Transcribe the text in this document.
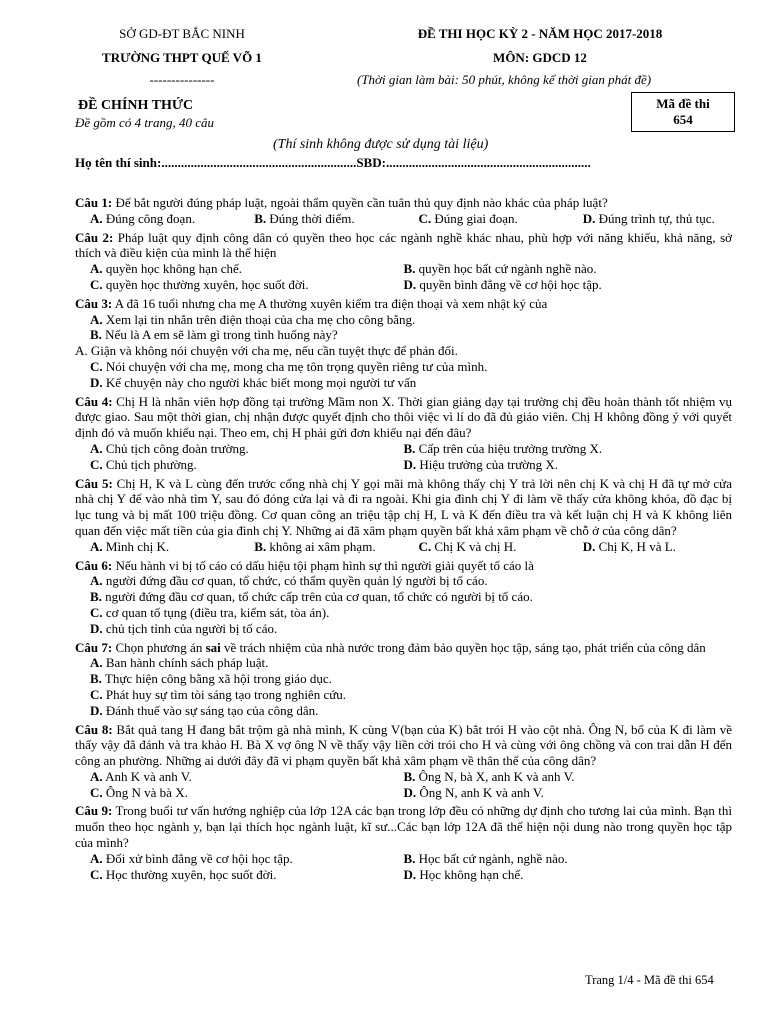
SỞ GD-ĐT BẮC NINH
TRƯỜNG THPT QUẾ VÕ 1
---------------
ĐỀ THI HỌC KỲ 2 - NĂM HỌC 2017-2018
MÔN: GDCD 12
(Thời gian làm bài: 50 phút, không kể thời gian phát đề)
ĐỀ CHÍNH THỨC
Đề gồm có 4 trang, 40 câu
Mã đề thi
654
(Thí sinh không được sử dụng tài liệu)
Họ tên thí sinh:............................................................SBD:...............................................................
Câu 1: Để bắt người đúng pháp luật, ngoài thẩm quyền cần tuân thủ quy định nào khác của pháp luật?
A. Đúng công đoạn.	B. Đúng thời điểm.	C. Đúng giai đoạn.	D. Đúng trình tự, thủ tục.
Câu 2: Pháp luật quy định công dân có quyền theo học các ngành nghề khác nhau, phù hợp với năng khiếu, khả năng, sở thích và điều kiện của mình là thể hiện
A. quyền học không hạn chế.	B. quyền học bất cứ ngành nghề nào.
C. quyền học thường xuyên, học suốt đời.	D. quyền bình đẳng về cơ hội học tập.
Câu 3: A đã 16 tuổi nhưng cha mẹ A thường xuyên kiểm tra điện thoại và xem nhật ký của
A. Xem lại tin nhắn trên điện thoại của cha mẹ cho công bằng.
B. Nếu là A em sẽ làm gì trong tình huống này?
A. Giận và không nói chuyện với cha mẹ, nếu cần tuyệt thực để phản đối.
C. Nói chuyện với cha mẹ, mong cha mẹ tôn trọng quyền riêng tư của mình.
D. Kể chuyện này cho người khác biết mong mọi người tư vấn
Câu 4: Chị H là nhân viên hợp đồng tại trường Mầm non X. Thời gian giảng dạy tại trường chị đều hoàn thành tốt nhiệm vụ được giao. Sau một thời gian, chị nhận được quyết định cho thôi việc vì lí do đã đủ giáo viên. Chị H không đồng ý với quyết định đó và muốn khiếu nại. Theo em, chị H phải gửi đơn khiếu nại đến đâu?
A. Chủ tịch công đoàn trường.	B. Cấp trên của hiệu trưởng trường X.
C. Chủ tịch phường.	D. Hiệu trưởng của trường X.
Câu 5: Chị H, K và L cùng đến trước cổng nhà chị Y gọi mãi mà không thấy chị Y trả lời nên chị K và chị H đã tự mở cửa nhà chị Y để vào nhà tìm Y, sau đó đóng cửa lại và đi ra ngoài. Khi gia đình chị Y đi làm về thấy cửa không khóa, đồ đạc bị lục tung và bị mất 100 triệu đồng. Cơ quan công an triệu tập chị H, L và K đến điều tra và kết luận chị H và K không liên quan đến việc mất tiền của gia đình chị Y. Những ai đã xâm phạm quyền bất khả xâm phạm về chỗ ở của công dân?
A. Mình chị K.	B. không ai xâm phạm.	C. Chị K và chị H.	D. Chị K, H và L.
Câu 6: Nếu hành vi bị tố cáo có dấu hiệu tội phạm hình sự thì người giải quyết tố cáo là
A. người đứng đầu cơ quan, tổ chức, có thẩm quyền quản lý người bị tố cáo.
B. người đứng đầu cơ quan, tổ chức cấp trên của cơ quan, tổ chức có người bị tố cáo.
C. cơ quan tố tụng (điều tra, kiểm sát, tòa án).
D. chủ tịch tỉnh của người bị tố cáo.
Câu 7: Chọn phương án sai về trách nhiệm của nhà nước trong đảm bảo quyền học tập, sáng tạo, phát triển của công dân
A. Ban hành chính sách pháp luật.
B. Thực hiện công bằng xã hội trong giáo dục.
C. Phát huy sự tìm tòi sáng tạo trong nghiên cứu.
D. Đánh thuế vào sự sáng tạo của công dân.
Câu 8: Bắt quả tang H đang bắt trộm gà nhà mình, K cùng V(bạn của K) bắt trói H vào cột nhà. Ông N, bố của K đi làm về thấy vậy đã đánh và tra khảo H. Bà X vợ ông N về thấy vậy liền cởi trói cho H và cùng với ông chồng và con trai dẫn H đến công an phường. Những ai dưới đây đã vi phạm quyền bất khả xâm phạm về thân thể của công dân?
A. Anh K và anh V.	B. Ông N, bà X, anh K và anh V.
C. Ông N và bà X.	D. Ông N, anh K và anh V.
Câu 9: Trong buổi tư vấn hướng nghiệp của lớp 12A các bạn trong lớp đều có những dự định cho tương lai của mình. Bạn thì muốn theo học ngành y, bạn lại thích học ngành luật, kĩ sư...Các bạn lớp 12A đã thể hiện nội dung nào trong quyền học tập của mình?
A. Đối xử bình đẳng về cơ hội học tập.	B. Học bất cứ ngành, nghề nào.
C. Học thường xuyên, học suốt đời.	D. Học không hạn chế.
Trang 1/4 - Mã đề thi 654
